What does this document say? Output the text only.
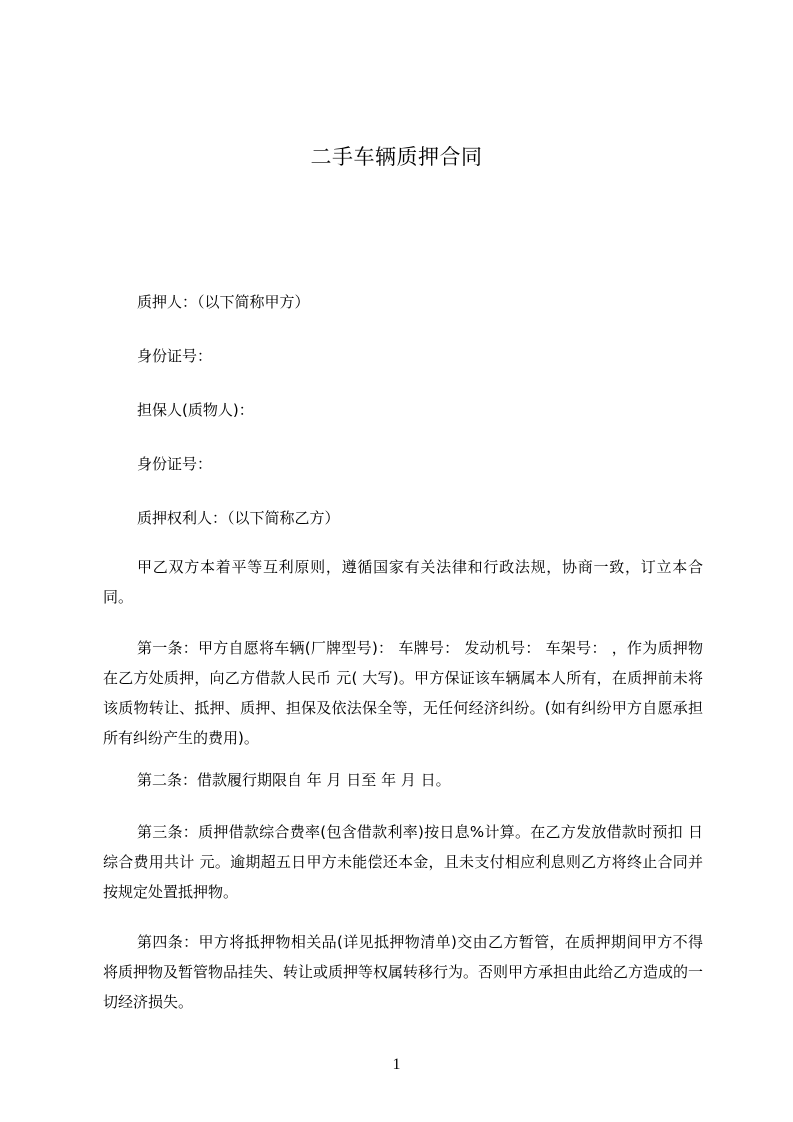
二手车辆质押合同
质押人：（以下简称甲方）
身份证号：
担保人(质物人)：
身份证号：
质押权利人：（以下简称乙方）
甲乙双方本着平等互利原则，遵循国家有关法律和行政法规，协商一致，订立本合同。
第一条：甲方自愿将车辆(厂牌型号)： 车牌号： 发动机号： 车架号： ，作为质押物在乙方处质押，向乙方借款人民币 元( 大写)。甲方保证该车辆属本人所有，在质押前未将该质物转让、抵押、质押、担保及依法保全等，无任何经济纠纷。(如有纠纷甲方自愿承担所有纠纷产生的费用)。
第二条：借款履行期限自 年 月 日至 年 月 日。
第三条：质押借款综合费率(包含借款利率)按日息%计算。在乙方发放借款时预扣 日综合费用共计 元。逾期超五日甲方未能偿还本金，且未支付相应利息则乙方将终止合同并按规定处置抵押物。
第四条：甲方将抵押物相关品(详见抵押物清单)交由乙方暂管，在质押期间甲方不得将质押物及暂管物品挂失、转让或质押等权属转移行为。否则甲方承担由此给乙方造成的一切经济损失。
1
